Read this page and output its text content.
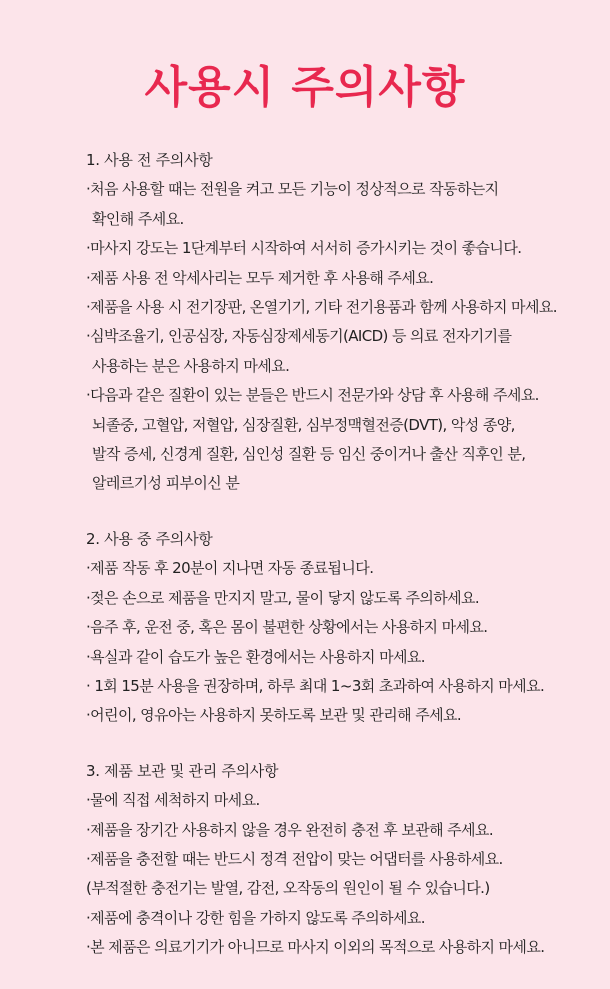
사용시 주의사항
1. 사용 전 주의사항
·처음 사용할 때는 전원을 켜고 모든 기능이 정상적으로 작동하는지
확인해 주세요.
·마사지 강도는 1단계부터 시작하여 서서히 증가시키는 것이 좋습니다.
·제품 사용 전 악세사리는 모두 제거한 후 사용해 주세요.
·제품을 사용 시 전기장판, 온열기기, 기타 전기용품과 함께 사용하지 마세요.
·심박조율기, 인공심장, 자동심장제세동기(AICD) 등 의료 전자기기를
사용하는 분은 사용하지 마세요.
·다음과 같은 질환이 있는 분들은 반드시 전문가와 상담 후 사용해 주세요.
뇌졸중, 고혈압, 저혈압, 심장질환, 심부정맥혈전증(DVT), 악성 종양,
발작 증세, 신경계 질환, 심인성 질환 등 임신 중이거나 출산 직후인 분,
알레르기성 피부이신 분
2. 사용 중 주의사항
·제품 작동 후 20분이 지나면 자동 종료됩니다.
·젖은 손으로 제품을 만지지 말고, 물이 닿지 않도록 주의하세요.
·음주 후, 운전 중, 혹은 몸이 불편한 상황에서는 사용하지 마세요.
·욕실과 같이 습도가 높은 환경에서는 사용하지 마세요.
· 1회 15분 사용을 권장하며, 하루 최대 1~3회 초과하여 사용하지 마세요.
·어린이, 영유아는 사용하지 못하도록 보관 및 관리해 주세요.
3. 제품 보관 및 관리 주의사항
·물에 직접 세척하지 마세요.
·제품을 장기간 사용하지 않을 경우 완전히 충전 후 보관해 주세요.
·제품을 충전할 때는 반드시 정격 전압이 맞는 어댑터를 사용하세요.
(부적절한 충전기는 발열, 감전, 오작동의 원인이 될 수 있습니다.)
·제품에 충격이나 강한 힘을 가하지 않도록 주의하세요.
·본 제품은 의료기기가 아니므로 마사지 이외의 목적으로 사용하지 마세요.
